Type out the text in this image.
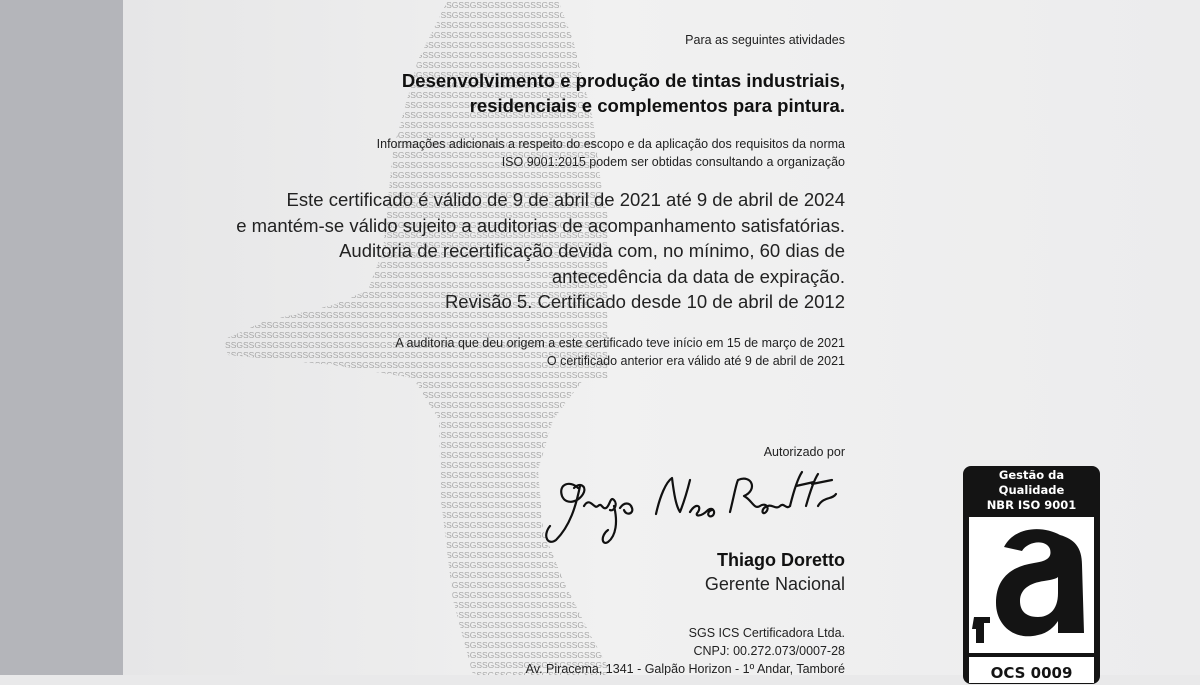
Para as seguintes atividades
Desenvolvimento e produção de tintas industriais,
residenciais e complementos para pintura.
Informações adicionais a respeito do escopo e da aplicação dos requisitos da norma
ISO 9001:2015 podem ser obtidas consultando a organização
Este certificado é válido de 9 de abril de 2021 até 9 de abril de 2024
e mantém-se válido sujeito a auditorias de acompanhamento satisfatórias.
Auditoria de recertificação devida com, no mínimo, 60 dias de
antecedência da data de expiração.
Revisão 5. Certificado desde 10 de abril de 2012
A auditoria que deu origem a este certificado teve início em 15 de março de 2021
O certificado anterior era válido até 9 de abril de 2021
Autorizado por
Thiago Doretto
Gerente Nacional
SGS ICS Certificadora Ltda.
CNPJ: 00.272.073/0007-28
Av. Piracema, 1341 - Galpão Horizon - 1º Andar, Tamboré
Gestão da
Qualidade
NBR ISO 9001
OCS 0009
